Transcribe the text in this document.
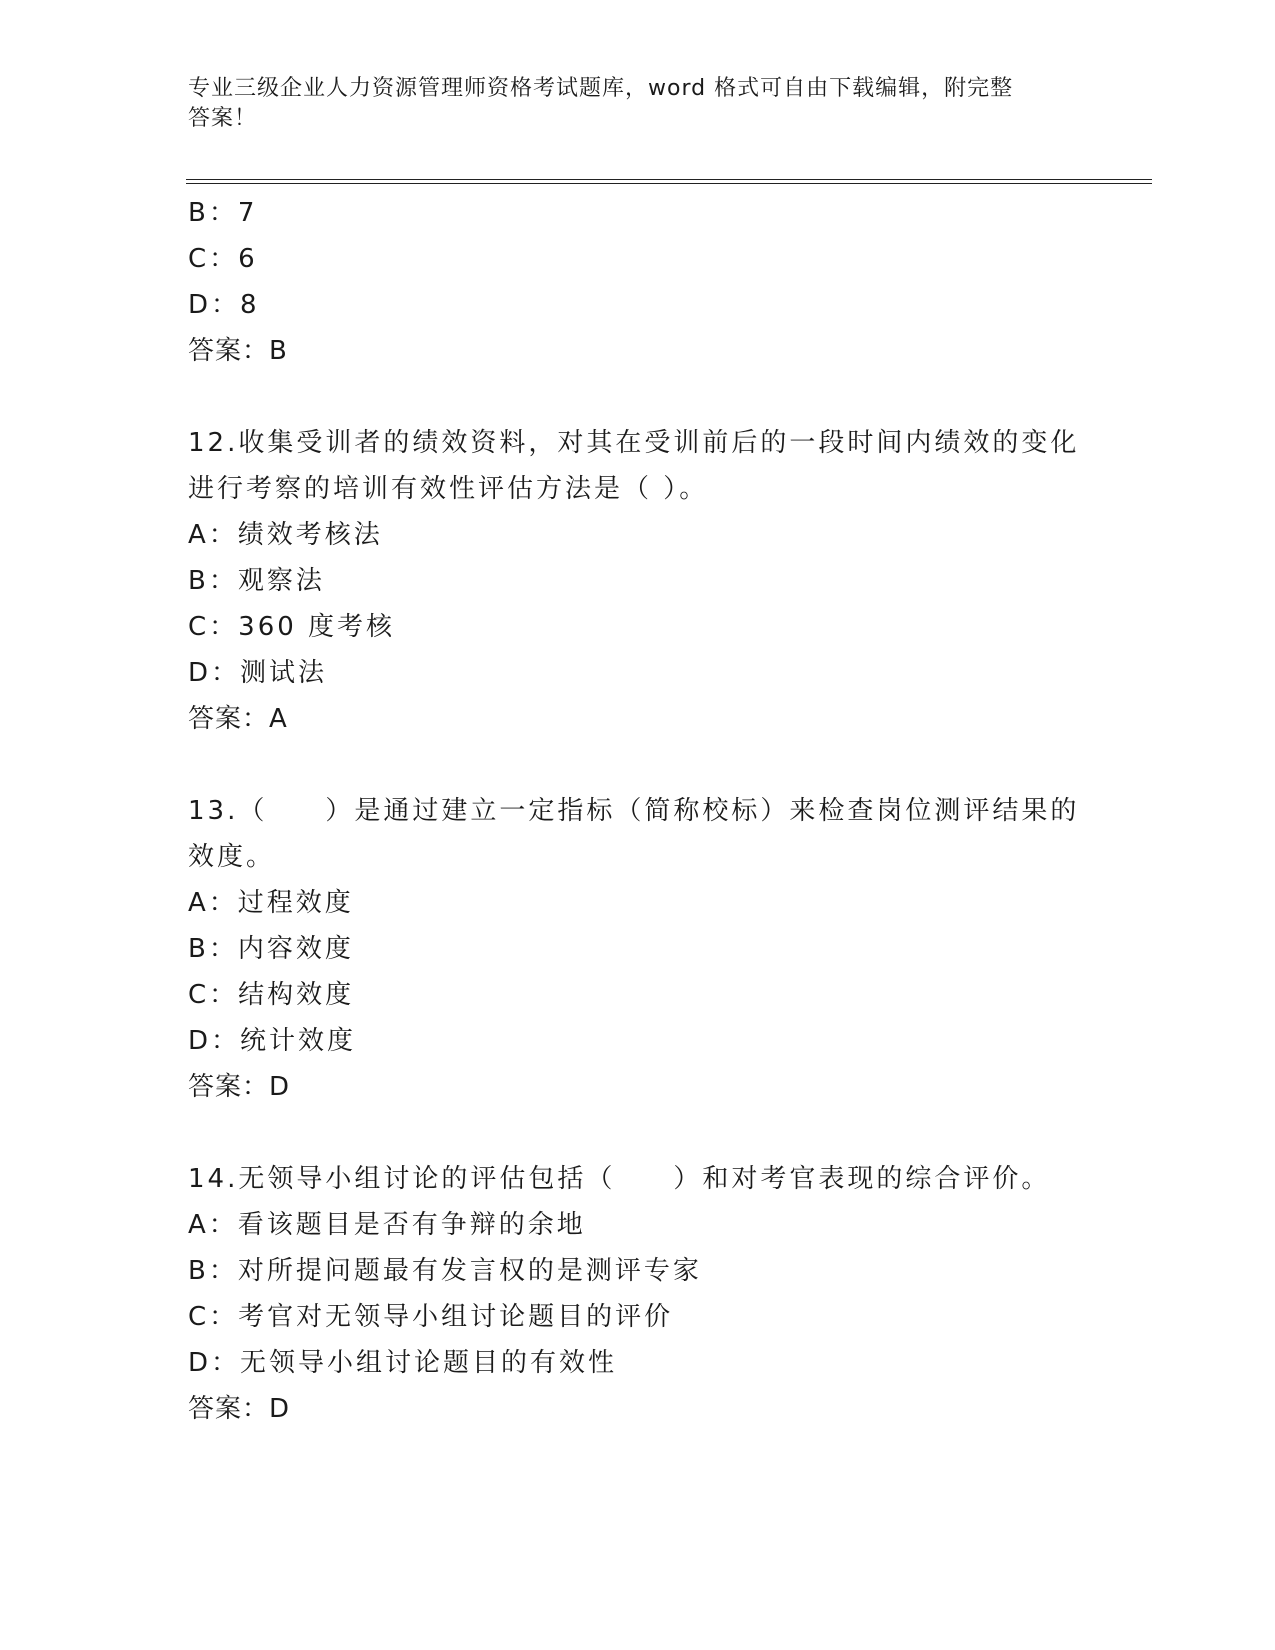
专业三级企业人力资源管理师资格考试题库，word 格式可自由下载编辑，附完整
答案！
B：7
C：6
D：8
答案：B
12.收集受训者的绩效资料，对其在受训前后的一段时间内绩效的变化
进行考察的培训有效性评估方法是（ ）。
A：绩效考核法
B：观察法
C：360 度考核
D：测试法
答案：A
13.（　　）是通过建立一定指标（简称校标）来检查岗位测评结果的
效度。
A：过程效度
B：内容效度
C：结构效度
D：统计效度
答案：D
14.无领导小组讨论的评估包括（　　）和对考官表现的综合评价。
A：看该题目是否有争辩的余地
B：对所提问题最有发言权的是测评专家
C：考官对无领导小组讨论题目的评价
D：无领导小组讨论题目的有效性
答案：D
